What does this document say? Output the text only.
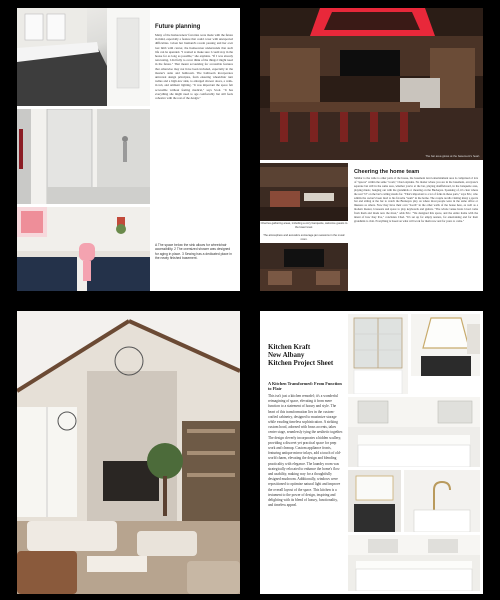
Future planning
Many of the homeowners' favorites were made with the future in mind, especially a feature that could cover with unexpected difficulties. Given her husband's recent passing and her own lost limb with cancer, the homeowner understands that such life can be upended. "I wanted to make sure I could stay in the house for as long as possible," she explains. "If I was already renovating, I did fully to cover think of the things I might need in the future." That meant accounting for accessible features that otherwise may not have been included, especially in the master's suite and bathroom. The bathroom incorporates universal design principles, from ensuring wheelchair turn radius and a high-low sink, to enlarged shower doors, a walk-in tub, and ambient lighting. "It was important the space felt accessible without feeling medical," says Scott. "It has everything she might need to age comfortably but still feels cohesive with the rest of the design."
A The space below the sink allows for wheelchair accessibility. 2 The oversized shower was designed for aging in place. 3 Sewing has a dedicated place in the newly finished basement.
The bar area glows at the basement's heart.
Cherries gathering areas, including a cozy banquette, welcome guests to the lower level.
The atmosphere and acoustics encourage jam sessions in the music room.
Cheering the home team
Similar to the wide to other parts of the house, the basement level entertainment area is comprised of lots of "spaces" within the same "room," Chad explains. No matter where you are in the basement, everyone's separate but still in the same area, whether you're at the bar, playing shuffleboard, in the banquette area, playing music, hanging out with the grandkids or cheering on the Buckeyes. Speaking of, it's clear where the real "O" on the bar's ceiling stands for. "That's important to a lot of folks in these parts," says Eric, who admits the owner's been tired to his favorite "team" in the home. The couple recalls visiting many a sports bar and sitting at the bar to watch the Buckeyes play on where most people were in the same office or likeness as others. Now they have their own "booth" in the other walls of the house here, as well as a modern theater, loveseats and space to play keyboards and guitars. "The whole venue hosts loved come from them and made new the most," adds Eric. "We designed this space, and the entire home with the intent of how they live," concludes Chad. "It's set up for empty nesters, for entertaining and for their grandkids to visit. Everything is based on what will work for them now and for years to come."
Kitchen Kraft
New Albany
Kitchen Project Sheet
A Kitchen Transformed: From Function to Flair
This isn't just a kitchen remodel; it's a wonderful reimagining of space, elevating it from mere function to a statement of luxury and style. The heart of this transformation lies in the custom-crafted cabinetry, designed to maximize storage while exuding timeless sophistication. A striking custom hood, adorned with brass accents, takes center stage, seamlessly tying the aesthetic together. The design cleverly incorporates a hidden scullery, providing a discreet yet practical space for prep work and cleanup. Custom appliance fronts, featuring antique mirror inlays, add a touch of old-world charm, elevating the design and blending practicality with elegance. The laundry room was strategically relocated to enhance the home's flow and usability, making way for a thoughtfully designed mudroom. Additionally, windows were repositioned to optimize natural light and improve the overall layout of the space. This kitchen is a testament to the power of design, inspiring and delighting with its blend of luxury, functionality, and timeless appeal.
